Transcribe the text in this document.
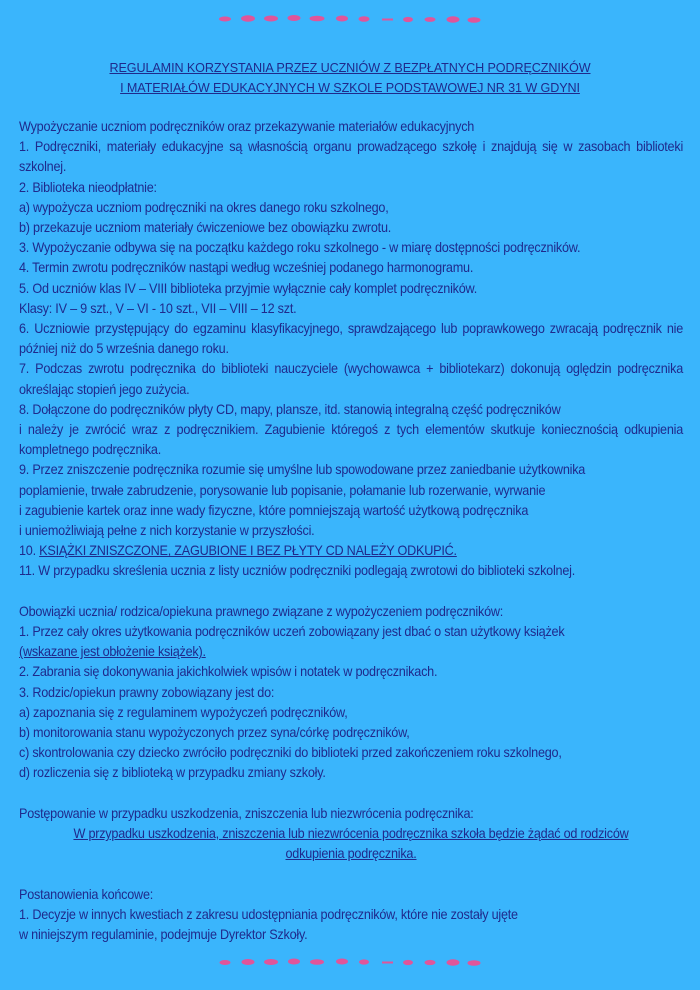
REGULAMIN KORZYSTANIA PRZEZ UCZNIÓW Z BEZPŁATNYCH PODRĘCZNIKÓW
I MATERIAŁÓW EDUKACYJNYCH W SZKOLE PODSTAWOWEJ NR 31 W GDYNI

Wypożyczanie uczniom podręczników oraz przekazywanie materiałów edukacyjnych

1. Podręczniki, materiały edukacyjne są własnością organu prowadzącego szkołę i znajdują się w zasobach biblioteki szkolnej.

2. Biblioteka nieodpłatnie:

a) wypożycza uczniom podręczniki na okres danego roku szkolnego,

b) przekazuje uczniom materiały ćwiczeniowe bez obowiązku zwrotu.

3. Wypożyczanie odbywa się na początku każdego roku szkolnego - w miarę dostępności podręczników.

4. Termin zwrotu podręczników nastąpi według wcześniej podanego harmonogramu.

5. Od uczniów klas IV – VIII biblioteka przyjmie wyłącznie cały komplet podręczników.

Klasy: IV – 9 szt., V – VI - 10 szt., VII – VIII – 12 szt.

6. Uczniowie przystępujący do egzaminu klasyfikacyjnego, sprawdzającego lub poprawkowego zwracają podręcznik nie później niż do 5 września danego roku.

7. Podczas zwrotu podręcznika do biblioteki nauczyciele (wychowawca + bibliotekarz) dokonują oględzin podręcznika określając stopień jego zużycia.

8. Dołączone do podręczników płyty CD, mapy, plansze, itd. stanowią integralną część podręczników

i należy je zwrócić wraz z podręcznikiem. Zagubienie któregoś z tych elementów skutkuje koniecznością odkupienia kompletnego podręcznika.

9. Przez zniszczenie podręcznika rozumie się umyślne lub spowodowane przez zaniedbanie użytkownika

poplamienie, trwałe zabrudzenie, porysowanie lub popisanie, połamanie lub rozerwanie, wyrwanie

i zagubienie kartek oraz inne wady fizyczne, które pomniejszają wartość użytkową podręcznika

i uniemożliwiają pełne z nich korzystanie w przyszłości.

10. KSIĄŻKI ZNISZCZONE, ZAGUBIONE I BEZ PŁYTY CD NALEŻY ODKUPIĆ.

11. W przypadku skreślenia ucznia z listy uczniów podręczniki podlegają zwrotowi do biblioteki szkolnej.

Obowiązki ucznia/ rodzica/opiekuna prawnego związane z wypożyczeniem podręczników:

1. Przez cały okres użytkowania podręczników uczeń zobowiązany jest dbać o stan użytkowy książek

(wskazane jest obłożenie książek).

2. Zabrania się dokonywania jakichkolwiek wpisów i notatek w podręcznikach.

3. Rodzic/opiekun prawny zobowiązany jest do:

a) zapoznania się z regulaminem wypożyczeń podręczników,

b) monitorowania stanu wypożyczonych przez syna/córkę podręczników,

c) skontrolowania czy dziecko zwróciło podręczniki do biblioteki przed zakończeniem roku szkolnego,

d) rozliczenia się z biblioteką w przypadku zmiany szkoły.

Postępowanie w przypadku uszkodzenia, zniszczenia lub niezwrócenia podręcznika:

W przypadku uszkodzenia, zniszczenia lub niezwrócenia podręcznika szkoła będzie żądać od rodziców

odkupienia podręcznika.

Postanowienia końcowe:

1. Decyzje w innych kwestiach z zakresu udostępniania podręczników, które nie zostały ujęte

w niniejszym regulaminie, podejmuje Dyrektor Szkoły.
